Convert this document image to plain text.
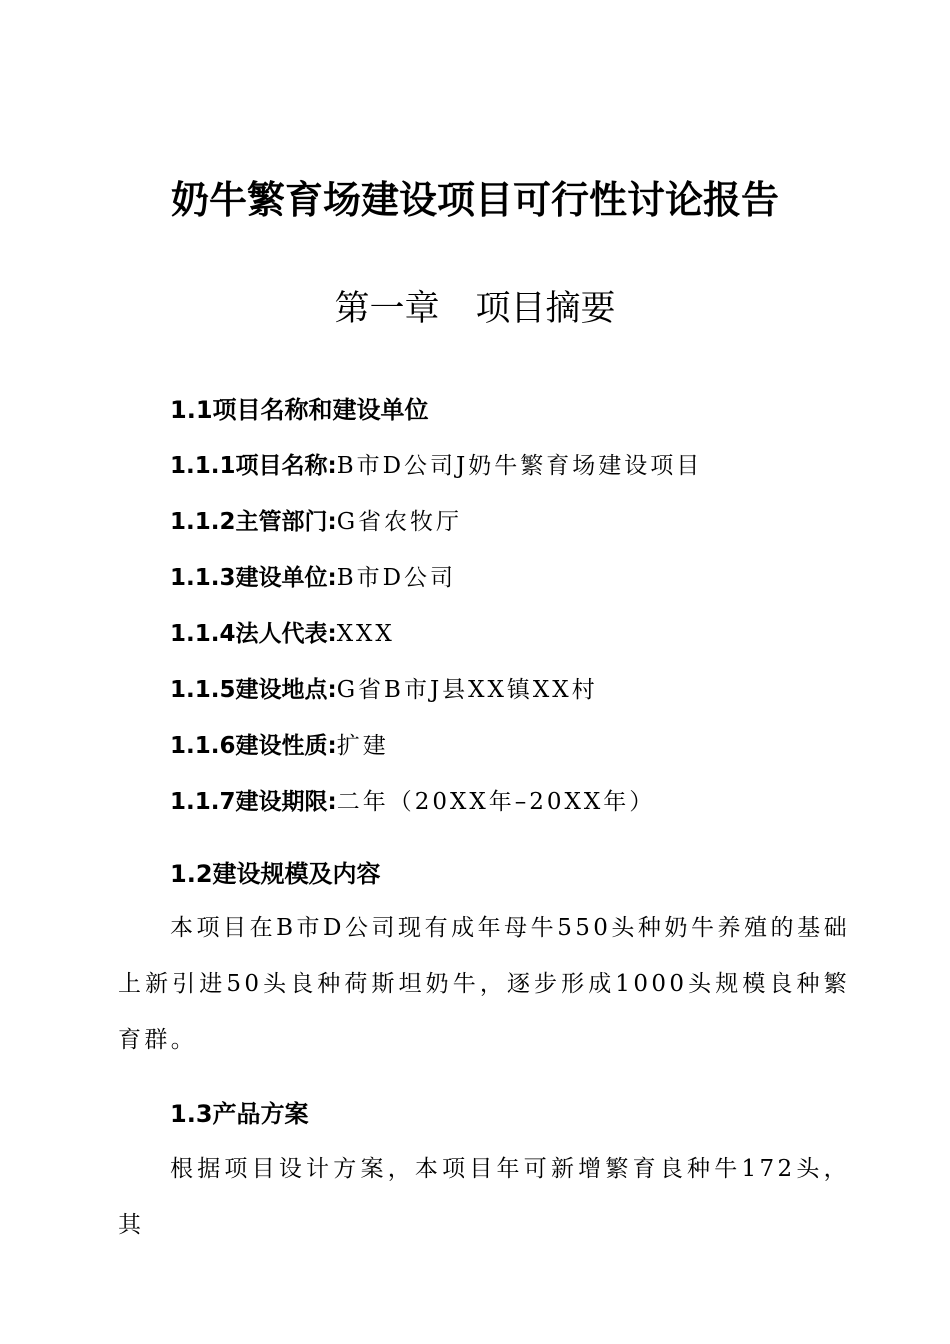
奶牛繁育场建设项目可行性讨论报告
第一章 项目摘要
1.1项目名称和建设单位

1.1.1项目名称:B市D公司J奶牛繁育场建设项目

1.1.2主管部门:G省农牧厅

1.1.3建设单位:B市D公司

1.1.4法人代表:XXX

1.1.5建设地点:G省B市J县XX镇XX村

1.1.6建设性质:扩建

1.1.7建设期限:二年（20XX年–20XX年）

1.2建设规模及内容

本项目在B市D公司现有成年母牛550头种奶牛养殖的基础上新引进50头良种荷斯坦奶牛，逐步形成1000头规模良种繁育群。

1.3产品方案

根据项目设计方案，本项目年可新增繁育良种牛172头，其
